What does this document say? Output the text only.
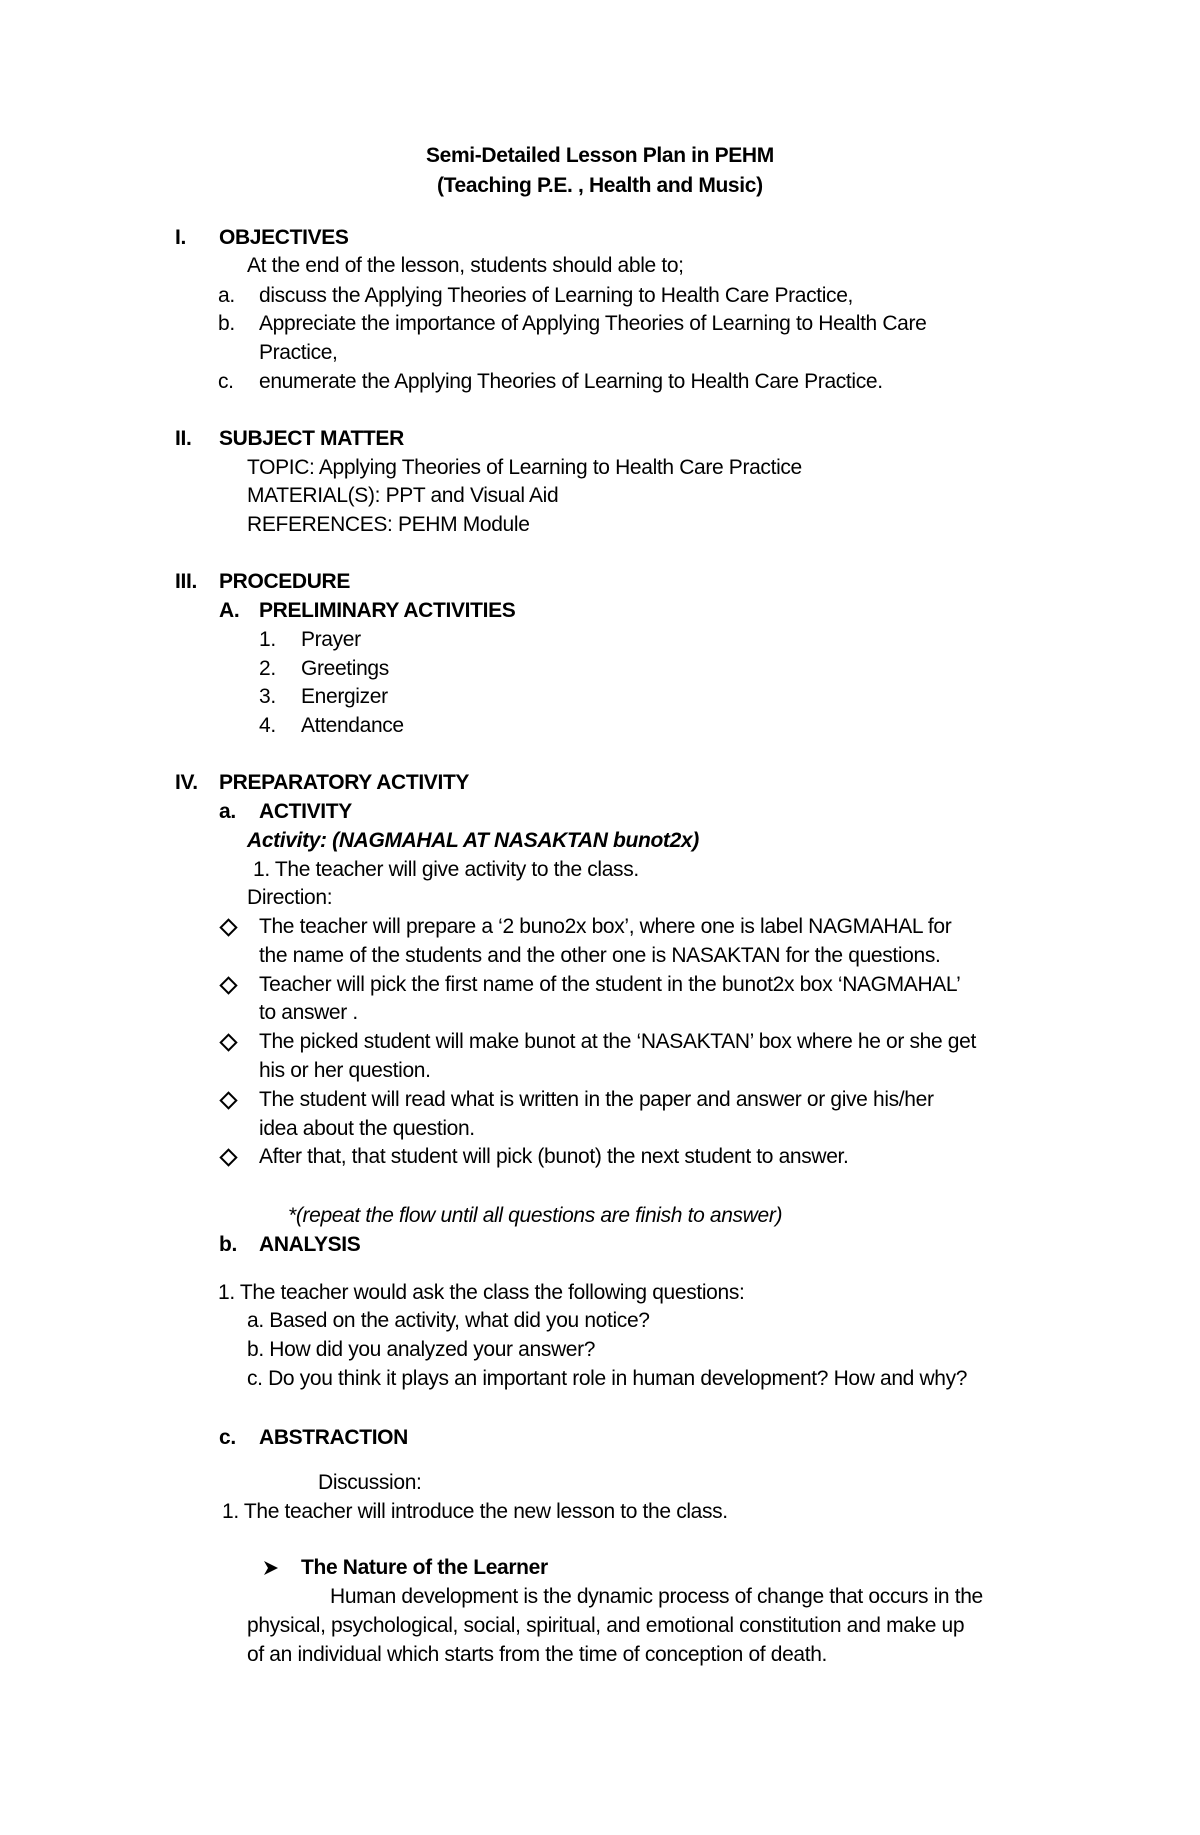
Semi-Detailed Lesson Plan in PEHM
(Teaching P.E. , Health and Music)
I. OBJECTIVES
At the end of the lesson, students should able to;
a. discuss the Applying Theories of Learning to Health Care Practice,
b. Appreciate the importance of Applying Theories of Learning to Health Care
Practice,
c. enumerate the Applying Theories of Learning to Health Care Practice.
II. SUBJECT MATTER
TOPIC: Applying Theories of Learning to Health Care Practice
MATERIAL(S): PPT and Visual Aid
REFERENCES: PEHM Module
III. PROCEDURE
A. PRELIMINARY ACTIVITIES
1. Prayer
2. Greetings
3. Energizer
4. Attendance
IV. PREPARATORY ACTIVITY
a. ACTIVITY
Activity: (NAGMAHAL AT NASAKTAN bunot2x)
1. The teacher will give activity to the class.
Direction:
The teacher will prepare a ‘2 buno2x box’, where one is label NAGMAHAL for
the name of the students and the other one is NASAKTAN for the questions.
Teacher will pick the first name of the student in the bunot2x box ‘NAGMAHAL’
to answer .
The picked student will make bunot at the ‘NASAKTAN’ box where he or she get
his or her question.
The student will read what is written in the paper and answer or give his/her
idea about the question.
After that, that student will pick (bunot) the next student to answer.
*(repeat the flow until all questions are finish to answer)
b. ANALYSIS
1. The teacher would ask the class the following questions:
a. Based on the activity, what did you notice?
b. How did you analyzed your answer?
c. Do you think it plays an important role in human development? How and why?
c. ABSTRACTION
Discussion:
1. The teacher will introduce the new lesson to the class.
The Nature of the Learner
Human development is the dynamic process of change that occurs in the
physical, psychological, social, spiritual, and emotional constitution and make up
of an individual which starts from the time of conception of death.
